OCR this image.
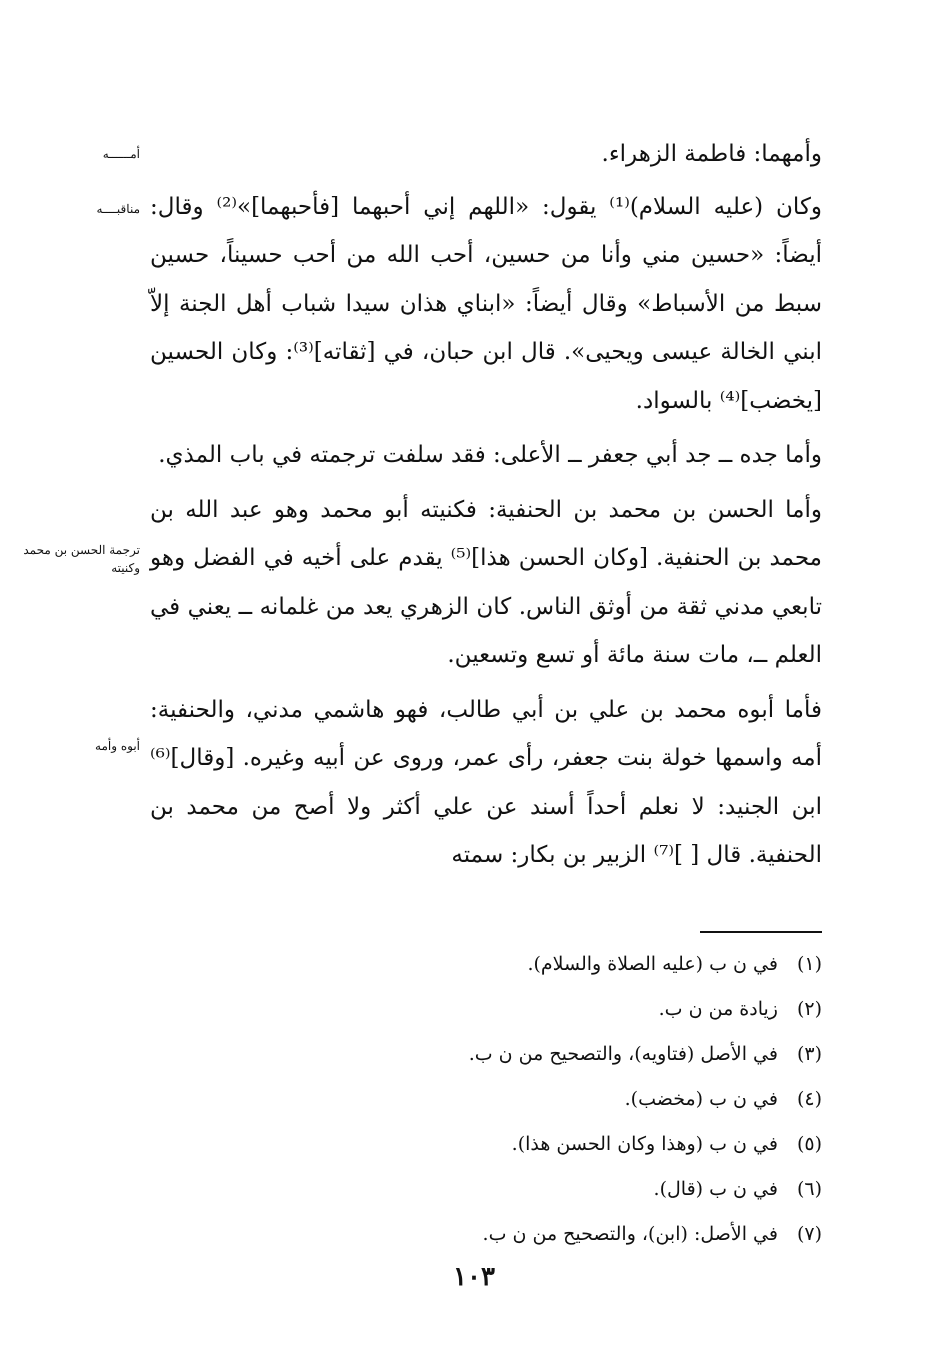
وأمهما: فاطمة الزهراء.

وكان (عليه السلام)⁽¹⁾ يقول: «اللهم إني أحبهما [فأحبهما]»⁽²⁾ وقال: أيضاً: «حسين مني وأنا من حسين، أحب الله من أحب حسيناً، حسين سبط من الأسباط» وقال أيضاً: «ابناي هذان سيدا شباب أهل الجنة إلاّ ابني الخالة عيسى ويحيى». قال ابن حبان، في [ثقاته]⁽³⁾: وكان الحسين [يخضب]⁽⁴⁾ بالسواد.

وأما جده ــ جد أبي جعفر ــ الأعلى: فقد سلفت ترجمته في باب المذي.

وأما الحسن بن محمد بن الحنفية: فكنيته أبو محمد وهو عبد الله بن محمد بن الحنفية. [وكان الحسن هذا]⁽⁵⁾ يقدم على أخيه في الفضل وهو تابعي مدني ثقة من أوثق الناس. كان الزهري يعد من غلمانه ــ يعني في العلم ــ، مات سنة مائة أو تسع وتسعين.

فأما أبوه محمد بن علي بن أبي طالب، فهو هاشمي مدني، والحنفية: أمه واسمها خولة بنت جعفر، رأى عمر، وروى عن أبيه وغيره. [وقال]⁽⁶⁾ ابن الجنيد: لا نعلم أحداً أسند عن علي أكثر ولا أصح من محمد بن الحنفية. قال [ ]⁽⁷⁾ الزبير بن بكار: سمته

أمــــــه
مناقبــــه
ترجمة الحسن بن محمد وكنيته
أبوه وأمه
(١) في ن ب (عليه الصلاة والسلام).
(٢) زيادة من ن ب.
(٣) في الأصل (فتاويه)، والتصحيح من ن ب.
(٤) في ن ب (مخضب).
(٥) في ن ب (وهذا وكان الحسن هذا).
(٦) في ن ب (قال).
(٧) في الأصل: (ابن)، والتصحيح من ن ب.
١٠٣
